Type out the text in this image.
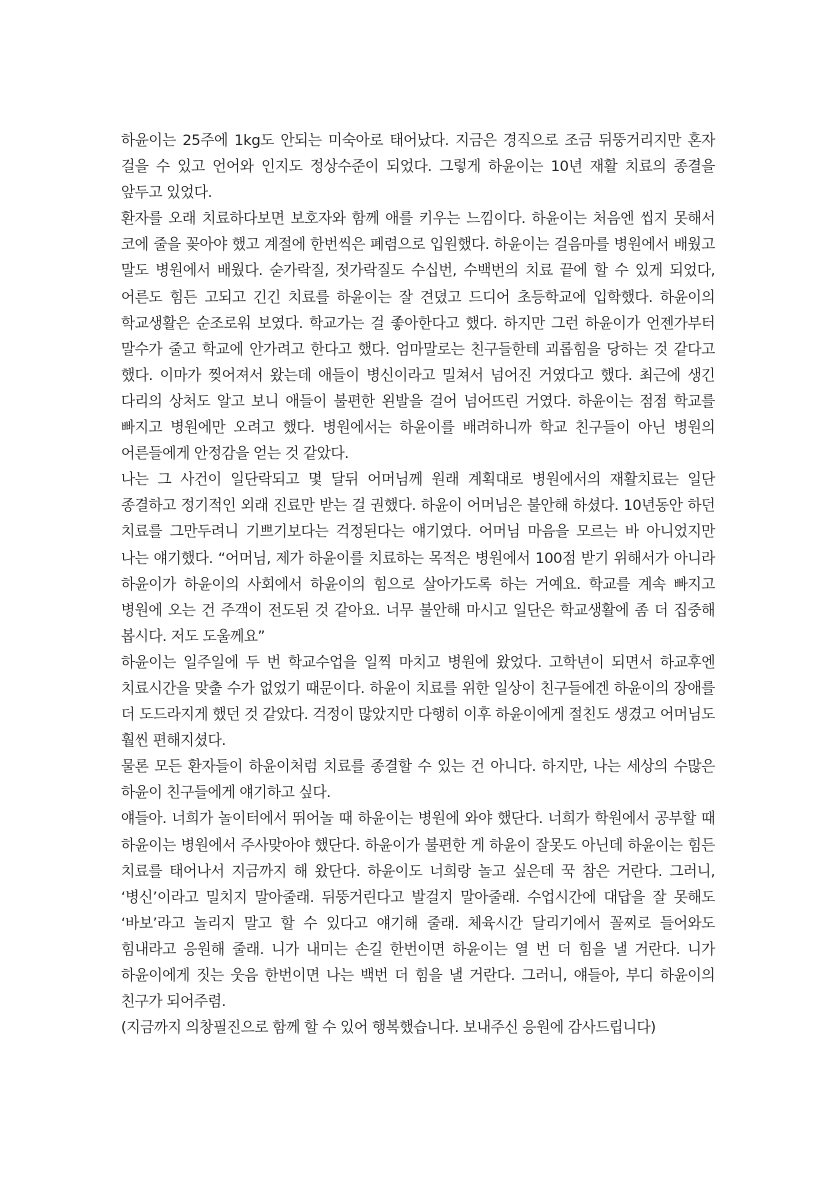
하윤이는 25주에 1kg도 안되는 미숙아로 태어났다. 지금은 경직으로 조금 뒤뚱거리지만 혼자 걸을 수 있고 언어와 인지도 정상수준이 되었다. 그렇게 하윤이는 10년 재활 치료의 종결을 앞두고 있었다.

환자를 오래 치료하다보면 보호자와 함께 애를 키우는 느낌이다. 하윤이는 처음엔 씹지 못해서 코에 줄을 꽂아야 했고 계절에 한번씩은 폐렴으로 입원했다. 하윤이는 걸음마를 병원에서 배웠고 말도 병원에서 배웠다. 숟가락질, 젓가락질도 수십번, 수백번의 치료 끝에 할 수 있게 되었다, 어른도 힘든 고되고 긴긴 치료를 하윤이는 잘 견뎠고 드디어 초등학교에 입학했다. 하윤이의 학교생활은 순조로워 보였다. 학교가는 걸 좋아한다고 했다. 하지만 그런 하윤이가 언젠가부터 말수가 줄고 학교에 안가려고 한다고 했다. 엄마말로는 친구들한테 괴롭힘을 당하는 것 같다고 했다. 이마가 찢어져서 왔는데 애들이 병신이라고 밀쳐서 넘어진 거였다고 했다. 최근에 생긴 다리의 상처도 알고 보니 애들이 불편한 왼발을 걸어 넘어뜨린 거였다. 하윤이는 점점 학교를 빠지고 병원에만 오려고 했다. 병원에서는 하윤이를 배려하니까 학교 친구들이 아닌 병원의 어른들에게 안정감을 얻는 것 같았다.

나는 그 사건이 일단락되고 몇 달뒤 어머님께 원래 계획대로 병원에서의 재활치료는 일단 종결하고 정기적인 외래 진료만 받는 걸 권했다. 하윤이 어머님은 불안해 하셨다. 10년동안 하던 치료를 그만두려니 기쁘기보다는 걱정된다는 얘기였다. 어머님 마음을 모르는 바 아니었지만 나는 얘기했다. “어머님, 제가 하윤이를 치료하는 목적은 병원에서 100점 받기 위해서가 아니라 하윤이가 하윤이의 사회에서 하윤이의 힘으로 살아가도록 하는 거예요. 학교를 계속 빠지고 병원에 오는 건 주객이 전도된 것 같아요. 너무 불안해 마시고 일단은 학교생활에 좀 더 집중해 봅시다. 저도 도울께요”

하윤이는 일주일에 두 번 학교수업을 일찍 마치고 병원에 왔었다. 고학년이 되면서 하교후엔 치료시간을 맞출 수가 없었기 때문이다. 하윤이 치료를 위한 일상이 친구들에겐 하윤이의 장애를 더 도드라지게 했던 것 같았다. 걱정이 많았지만 다행히 이후 하윤이에게 절친도 생겼고 어머님도 훨씬 편해지셨다.

물론 모든 환자들이 하윤이처럼 치료를 종결할 수 있는 건 아니다. 하지만, 나는 세상의 수많은 하윤이 친구들에게 얘기하고 싶다.

얘들아. 너희가 놀이터에서 뛰어놀 때 하윤이는 병원에 와야 했단다. 너희가 학원에서 공부할 때 하윤이는 병원에서 주사맞아야 했단다. 하윤이가 불편한 게 하윤이 잘못도 아닌데 하윤이는 힘든 치료를 태어나서 지금까지 해 왔단다. 하윤이도 너희랑 놀고 싶은데 꾹 참은 거란다. 그러니, ‘병신’이라고 밀치지 말아줄래. 뒤뚱거린다고 발걸지 말아줄래. 수업시간에 대답을 잘 못해도 ‘바보’라고 놀리지 말고 할 수 있다고 얘기해 줄래. 체육시간 달리기에서 꼴찌로 들어와도 힘내라고 응원해 줄래. 니가 내미는 손길 한번이면 하윤이는 열 번 더 힘을 낼 거란다. 니가 하윤이에게 짓는 웃음 한번이면 나는 백번 더 힘을 낼 거란다. 그러니, 얘들아, 부디 하윤이의 친구가 되어주렴.

(지금까지 의창필진으로 함께 할 수 있어 행복했습니다. 보내주신 응원에 감사드립니다)
